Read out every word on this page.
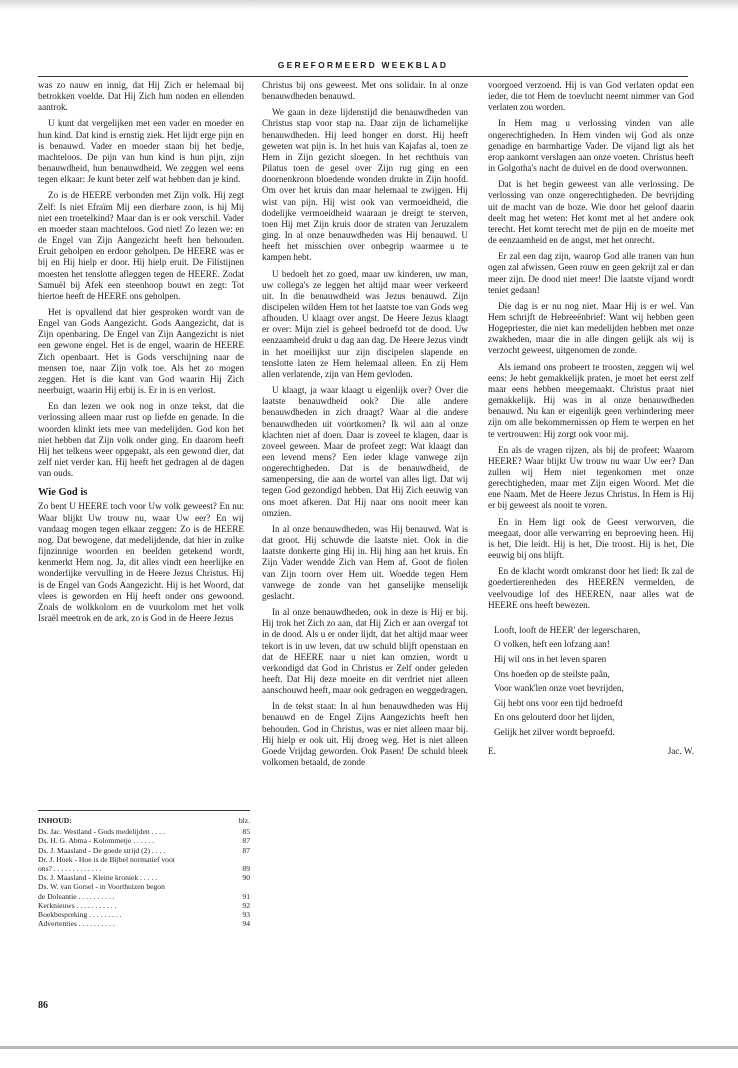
GEREFORMEERD WEEKBLAD

was zo nauw en innig, dat Hij Zich er helemaal bij betrokken voelde. Dat Hij Zich hun noden en ellenden aantrok.

U kunt dat vergelijken met een vader en moeder en hun kind. Dat kind is ernstig ziek. Het lijdt erge pijn en is benauwd. Vader en moeder staan bij het bedje, machteloos. De pijn van hun kind is hun pijn, zijn benauwdheid, hun benauwdheid. We zeggen wel eens tegen elkaar: Je kunt beter zelf wat hebben dan je kind.

Zo is de HEERE verbonden met Zijn volk. Hij zegt Zelf: Is niet Efraïm Mij een dierbare zoon, is hij Mij niet een troetelkind? Maar dan is er ook verschil. Vader en moeder staan machteloos. God niet! Zo lezen we: en de Engel van Zijn Aangezicht heeft hen behouden. Eruit geholpen en erdoor geholpen. De HEERE was er bij en Hij hielp er door. Hij hielp eruit. De Filistijnen moesten het tenslotte afleggen tegen de HEERE. Zodat Samuël bij Afek een steenhoop bouwt en zegt: Tot hiertoe heeft de HEERE ons geholpen.

Het is opvallend dat hier gesproken wordt van de Engel van Gods Aangezicht. Gods Aangezicht, dat is Zijn openbaring. De Engel van Zijn Aangezicht is niet een gewone engel. Het is de engel, waarin de HEERE Zich openbaart. Het is Gods verschijning naar de mensen toe, naar Zijn volk toe. Als het zo mogen zeggen. Het is die kant van God waarin Hij Zich neerbuigt, waarin Hij erbij is. Er in is en verlost.

En dan lezen we ook nog in onze tekst, dat die verlossing alleen maar rust op liefde en genade. In die woorden klinkt iets mee van medelijden. God kon het niet hebben dat Zijn volk onder ging. En daarom heeft Hij het telkens weer opgepakt, als een gewond dier, dat zelf niet verder kan. Hij heeft het gedragen al de dagen van ouds.

Wie God is

Zo bent U HEERE toch voor Uw volk geweest? En nu: Waar blijkt Uw trouw nu, waar Uw eer? En wij vandaag mogen tegen elkaar zeggen: Zo is de HEERE nog. Dat bewogene, dat medelijdende, dat hier in zulke fijnzinnige woorden en beelden getekend wordt, kenmerkt Hem nog. Ja, dit alles vindt een heerlijke en wonderlijke vervulling in de Heere Jezus Christus. Hij is de Engel van Gods Aangezicht. Hij is het Woord, dat vlees is geworden en Hij heeft onder ons gewoond. Zoals de wolkkolom en de vuurkolom met het volk Israël meetrok en de ark, zo is God in de Heere Jezus

Christus bij ons geweest. Met ons solidair. In al onze benauwdheden benauwd.

We gaan in deze lijdenstijd die benauwdheden van Christus stap voor stap na. Daar zijn de lichamelijke benauwdheden. Hij leed honger en dorst. Hij heeft geweten wat pijn is. In het huis van Kajafas al, toen ze Hem in Zijn gezicht sloegen. In het rechthuis van Pilatus toen de gesel over Zijn rug ging en een doornenkroon bloedende wonden drukte in Zijn hoofd. Om over het kruis dan maar helemaal te zwijgen. Hij wist van pijn. Hij wist ook van vermoeidheid, die dodelijke vermoeidheid waaraan je dreigt te sterven, toen Hij met Zijn kruis door de straten van Jeruzalem ging. In al onze benauwdheden was Hij benauwd. U heeft het misschien over onbegrip waarmee u te kampen hebt.

U bedoelt het zo goed, maar uw kinderen, uw man, uw collega's ze leggen het altijd maar weer verkeerd uit. In die benauwdheid was Jezus benauwd. Zijn discipelen wilden Hem tot het laatste toe van Gods weg afhouden. U klaagt over angst. De Heere Jezus klaagt er over: Mijn ziel is geheel bedroefd tot de dood. Uw eenzaamheid drukt u dag aan dag. De Heere Jezus vindt in het moeilijkst uur zijn discipelen slapende en tenslotte laten ze Hem helemaal alleen. En zij Hem allen verlatende, zijn van Hem gevloden.

U klaagt, ja waar klaagt u eigenlijk over? Over die laatste benauwdheid ook? Die alle andere benauwdheden in zich draagt? Waar al die andere benauwdheden uit voortkomen? Ik wil aan al onze klachten niet af doen. Daar is zoveel te klagen, daar is zoveel geween. Maar de profeet zegt: Wat klaagt dan een levend mens? Een ieder klage vanwege zijn ongerechtigheden. Dat is de benauwdheid, de samenpersing, die aan de wortel van alles ligt. Dat wij tegen God gezondigd hebben. Dat Hij Zich eeuwig van ons moet afkeren. Dat Hij naar ons nooit meer kan omzien.

In al onze benauwdheden, was Hij benauwd. Wat is dat groot. Hij schuwde die laatste niet. Ook in die laatste donkerte ging Hij in. Hij hing aan het kruis. En Zijn Vader wendde Zich van Hem af. Goot de fiolen van Zijn toorn over Hem uit. Woedde tegen Hem vanwege de zonde van het ganselijke menselijk geslacht.

In al onze benauwdheden, ook in deze is Hij er bij. Hij trok het Zich zo aan, dat Hij Zich er aan overgaf tot in de dood. Als u er onder lijdt, dat het altijd maar weer tekort is in uw leven, dat uw schuld blijft openstaan en dat de HEERE naar u niet kan omzien, wordt u verkondigd dat God in Christus er Zelf onder geleden heeft. Dat Hij deze moeite en dit verdriet niet alleen aanschouwd heeft, maar ook gedragen en weggedragen.

In de tekst staat: In al hun benauwdheden was Hij benauwd en de Engel Zijns Aangezichts heeft hen behouden. God in Christus, was er niet alleen maar bij. Hij hielp er ook uit. Hij droeg weg. Het is niet alleen Goede Vrijdag geworden. Ook Pasen! De schuld bleek volkomen betaald, de zonde

voorgoed verzoend. Hij is van God verlaten opdat een ieder, die tot Hem de toevlucht neemt nimmer van God verlaten zou worden.

In Hem mag u verlossing vinden van alle ongerechtigheden. In Hem vinden wij God als onze genadige en barmhartige Vader. De vijand ligt als het erop aankomt verslagen aan onze voeten. Christus heeft in Golgotha's nacht de duivel en de dood overwonnen.

Dat is het begin geweest van alle verlossing. De verlossing van onze ongerechtigheden. De bevrijding uit de macht van de boze. Wie door het geloof daarin deelt mag het weten: Het komt met al het andere ook terecht. Het komt terecht met de pijn en de moeite met de eenzaamheid en de angst, met het onrecht.

Er zal een dag zijn, waarop God alle tranen van hun ogen zal afwissen. Geen rouw en geen gekrijt zal er dan meer zijn. De dood niet meer! Die laatste vijand wordt teniet gedaan!

Die dag is er nu nog niet. Maar Hij is er wel. Van Hem schrijft de Hebreeënbrief: Want wij hebben geen Hogepriester, die niet kan medelijden hebben met onze zwakheden, maar die in alle dingen gelijk als wij is verzocht geweest, uitgenomen de zonde.

Als iemand ons probeert te troosten, zeggen wij wel eens: Je hebt gemakkelijk praten, je moet het eerst zelf maar eens hebben meegemaakt. Christus praat niet gemakkelijk. Hij was in al onze benauwdheden benauwd. Nu kan er eigenlijk geen verhindering meer zijn om alle bekommernissen op Hem te werpen en het te vertrouwen: Hij zorgt ook voor mij.

En als de vragen rijzen, als bij de profeet: Waarom HEERE? Waar blijkt Uw trouw nu waar Uw eer? Dan zullen wij Hem niet tegenkomen met onze gerechtigheden, maar met Zijn eigen Woord. Met die ene Naam. Met de Heere Jezus Christus. In Hem is Hij er bij geweest als nooit te voren.

En in Hem ligt ook de Geest verworven, die meegaat, door alle verwarring en beproeving heen. Hij is het, Die leidt. Hij is het, Die troost. Hij is het, Die eeuwig bij ons blijft.

En de klacht wordt omkranst door het lied: Ik zal de goedertierenheden des HEEREN vermelden, de veelvoudige lof des HEEREN, naar alles wat de HEERE ons heeft bewezen.

Looft, looft de HEER' der legerscharen,
O volken, heft een lofzang aan!
Hij wil ons in het leven sparen
Ons hoeden op de steilste paân,
Voor wank'len onze voet bevrijden,
Gij hebt ons voor een tijd bedroefd
En ons gelouterd door het lijden,
Gelijk het zilver wordt beproefd.
E.	Jac. W.
INHOUD:	blz.
Ds. Jac. Westland - Gods medelijden . . . .	85
Ds. H. G. Abma - Kolommetje . . . . . .	87
Ds. J. Maasland - De goede strijd (2) . . . .	87
Dr. J. Hoek - Hoe is de Bijbel normatief voor
ons? . . . . . . . . . . . . .	89
Ds. J. Maasland - Kleine kroniek . . . . .	90
Ds. W. van Gorsel - in Voorthuizen begon
de Doleantie . . . . . . . . . .	91
Kerknieuws . . . . . . . . . . .	92
Boekbespreking . . . . . . . . .	93
Advertenties . . . . . . . . . .	94
86
